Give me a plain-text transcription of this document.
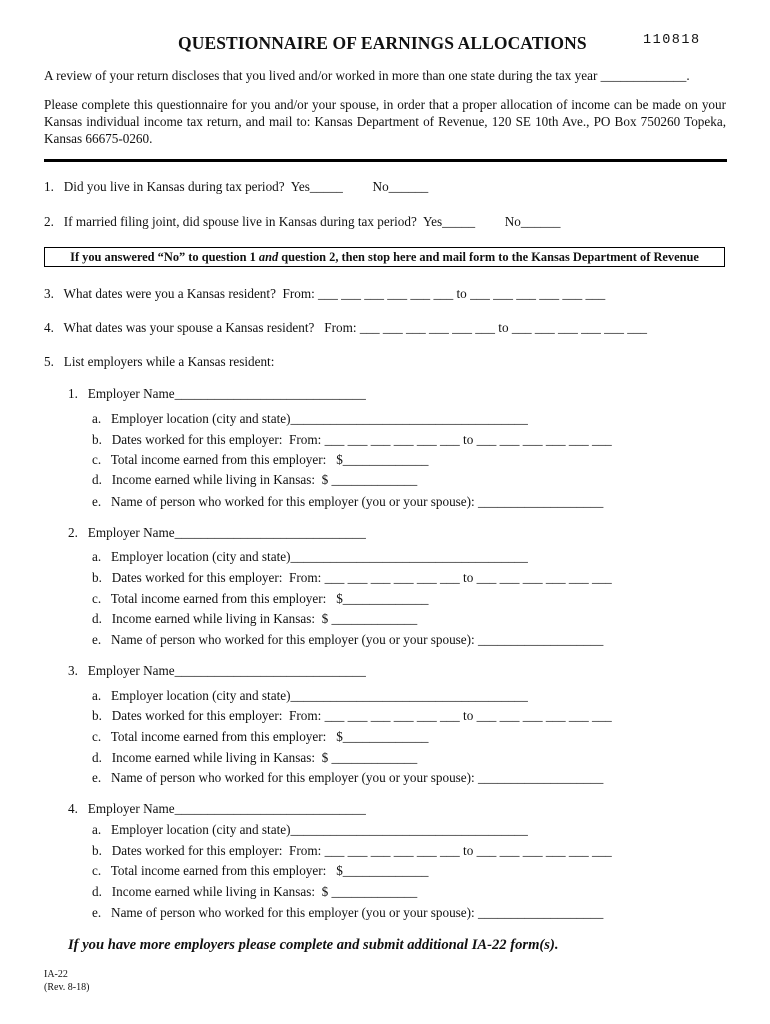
QUESTIONNAIRE OF EARNINGS ALLOCATIONS	110818
A review of your return discloses that you lived and/or worked in more than one state during the tax year _____________.
Please complete this questionnaire for you and/or your spouse, in order that a proper allocation of income can be made on your Kansas individual income tax return, and mail to: Kansas Department of Revenue, 120 SE 10th Ave., PO Box 750260 Topeka, Kansas 66675-0260.
1.   Did you live in Kansas during tax period?  Yes_____         No______
2.   If married filing joint, did spouse live in Kansas during tax period?  Yes_____         No______
If you answered “No” to question 1 and question 2, then stop here and mail form to the Kansas Department of Revenue
3.   What dates were you a Kansas resident?  From: ___ ___ ___ ___ ___ ___ to ___ ___ ___ ___ ___ ___
4.   What dates was your spouse a Kansas resident?   From: ___ ___ ___ ___ ___ ___ to ___ ___ ___ ___ ___ ___
5.   List employers while a Kansas resident:
1.   Employer Name_____________________________
a.   Employer location (city and state)____________________________________
b.   Dates worked for this employer:  From: ___ ___ ___ ___ ___ ___ to ___ ___ ___ ___ ___ ___
c.   Total income earned from this employer:   $_____________
d.   Income earned while living in Kansas:  $ _____________
e.   Name of person who worked for this employer (you or your spouse): ___________________
2.   Employer Name_____________________________
a.   Employer location (city and state)____________________________________
b.   Dates worked for this employer:  From: ___ ___ ___ ___ ___ ___ to ___ ___ ___ ___ ___ ___
c.   Total income earned from this employer:   $_____________
d.   Income earned while living in Kansas:  $ _____________
e.   Name of person who worked for this employer (you or your spouse): ___________________
3.   Employer Name_____________________________
a.   Employer location (city and state)____________________________________
b.   Dates worked for this employer:  From: ___ ___ ___ ___ ___ ___ to ___ ___ ___ ___ ___ ___
c.   Total income earned from this employer:   $_____________
d.   Income earned while living in Kansas:  $ _____________
e.   Name of person who worked for this employer (you or your spouse): ___________________
4.   Employer Name_____________________________
a.   Employer location (city and state)____________________________________
b.   Dates worked for this employer:  From: ___ ___ ___ ___ ___ ___ to ___ ___ ___ ___ ___ ___
c.   Total income earned from this employer:   $_____________
d.   Income earned while living in Kansas:  $ _____________
e.   Name of person who worked for this employer (you or your spouse): ___________________
If you have more employers please complete and submit additional IA-22 form(s).
IA-22
(Rev. 8-18)
